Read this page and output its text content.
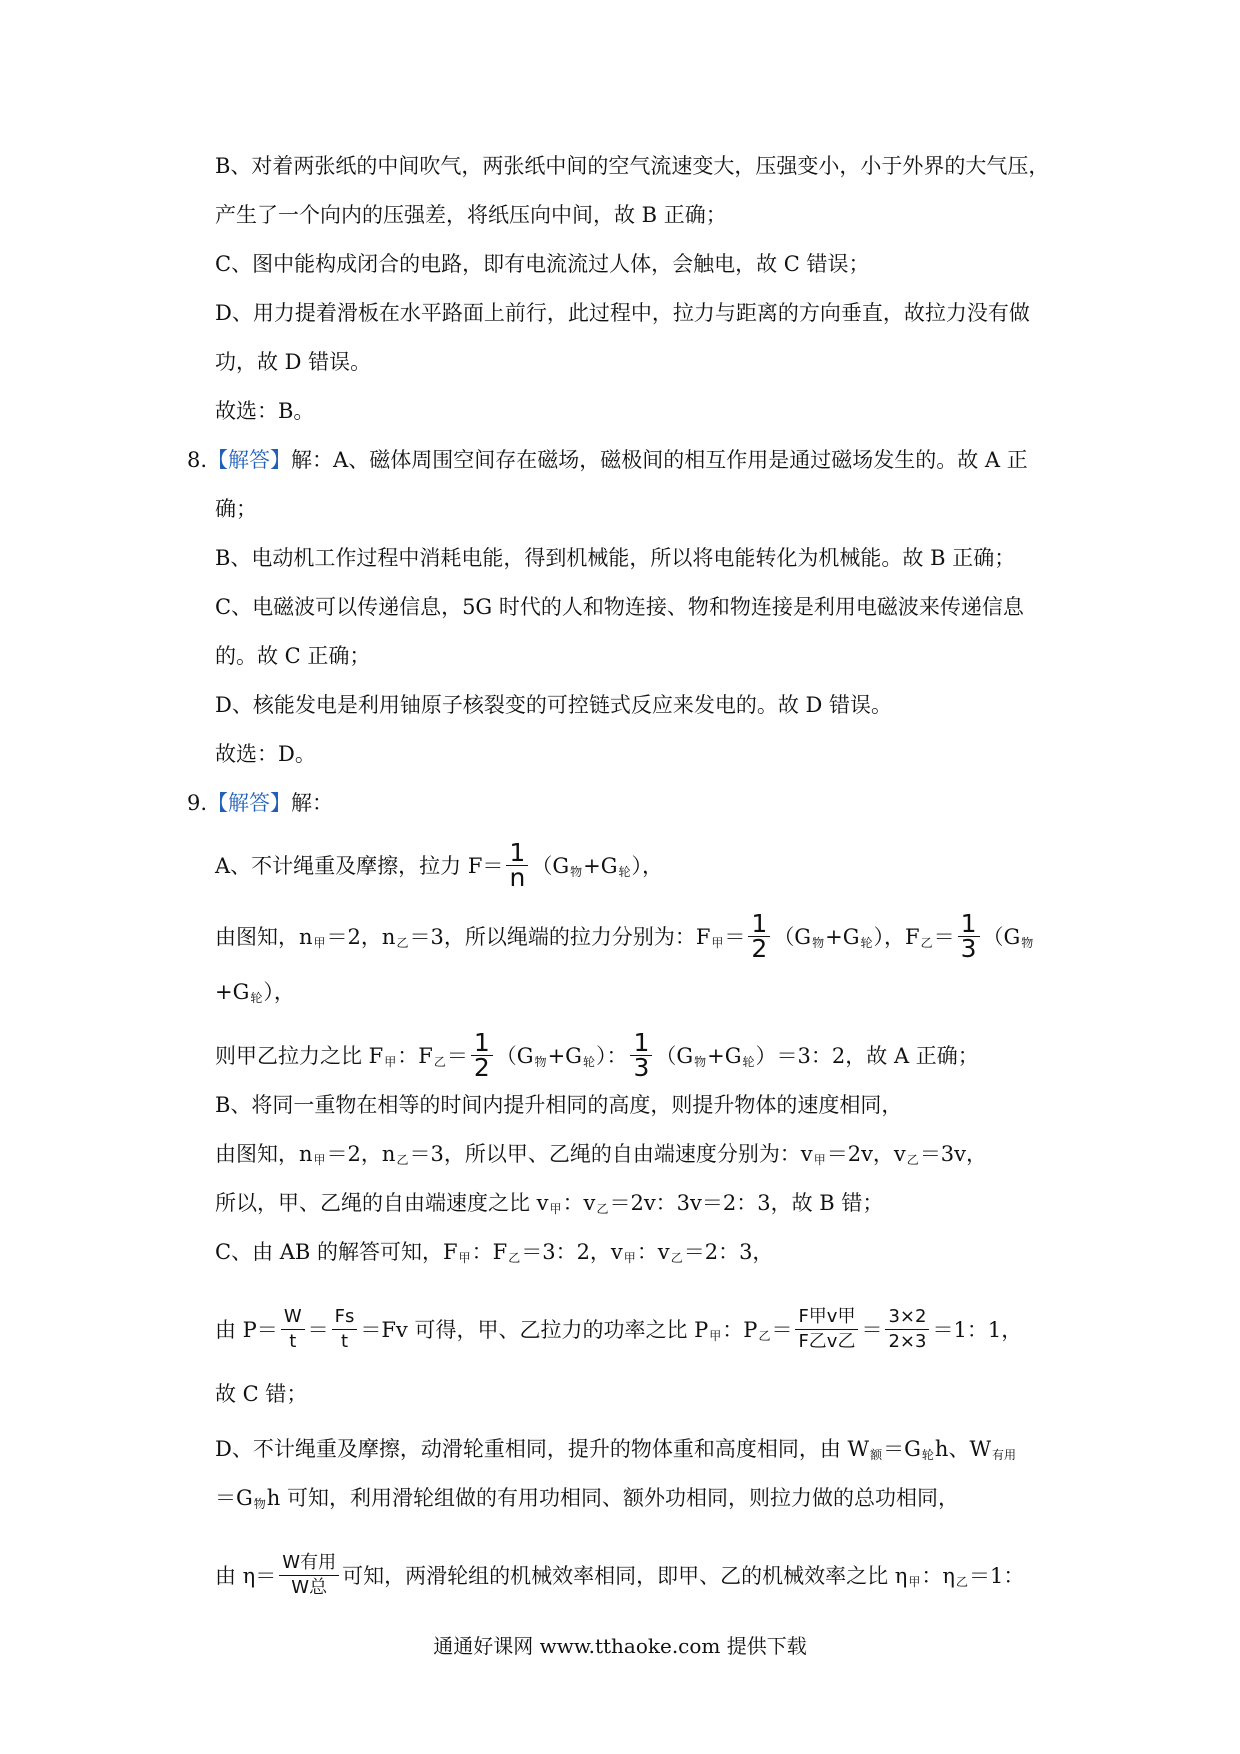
B、对着两张纸的中间吹气，两张纸中间的空气流速变大，压强变小，小于外界的大气压，
产生了一个向内的压强差，将纸压向中间，故 B 正确；
C、图中能构成闭合的电路，即有电流流过人体，会触电，故 C 错误；
D、用力提着滑板在水平路面上前行，此过程中，拉力与距离的方向垂直，故拉力没有做
功，故 D 错误。
故选：B。
8.【解答】解：A、磁体周围空间存在磁场，磁极间的相互作用是通过磁场发生的。故 A 正
确；
B、电动机工作过程中消耗电能，得到机械能，所以将电能转化为机械能。故 B 正确；
C、电磁波可以传递信息，5G 时代的人和物连接、物和物连接是利用电磁波来传递信息
的。故 C 正确；
D、核能发电是利用铀原子核裂变的可控链式反应来发电的。故 D 错误。
故选：D。
9.【解答】解：
A、不计绳重及摩擦，拉力 $F= \frac{1}{n} (G$物+G轮），
由图知，n甲＝2，n乙＝3，所以绳端的拉力分别为：F甲＝ $\frac{1}{2} (G$物+G轮），F乙＝ $\frac{1}{3} (G$物
+G轮），
则甲乙拉力之比 F甲：F乙＝ $\frac{1}{2} (G$物+G轮）： $\frac{1}{3} (G$物+G轮）＝3：2，故 A 正确；
B、将同一重物在相等的时间内提升相同的高度，则提升物体的速度相同，
由图知，n甲＝2，n乙＝3，所以甲、乙绳的自由端速度分别为：v甲＝2v，v乙＝3v，
所以，甲、乙绳的自由端速度之比 v甲：v乙＝2v：3v＝2：3，故 B 错；
C、由 AB 的解答可知，F甲：F乙＝3：2，v甲：v乙＝2：3，
由 $P= \frac{W}{t} = \frac{Fs}{t} =Fv$ 可得，甲、乙拉力的功率之比 P甲：P乙＝ $\frac{\text{F甲v甲}}{\text{F乙v乙}} = \frac{3\times 2}{2\times 3} =1$：1，
故 C 错；
D、不计绳重及摩擦，动滑轮重相同，提升的物体重和高度相同，由 W额＝G轮h、W有用
＝G物h 可知，利用滑轮组做的有用功相同、额外功相同，则拉力做的总功相同，
由 $\eta= \frac{\text{W有用}}{\text{W总}}$ 可知，两滑轮组的机械效率相同，即甲、乙的机械效率之比 η甲：η乙＝1：
通通好课网 www.tthaoke.com 提供下载
